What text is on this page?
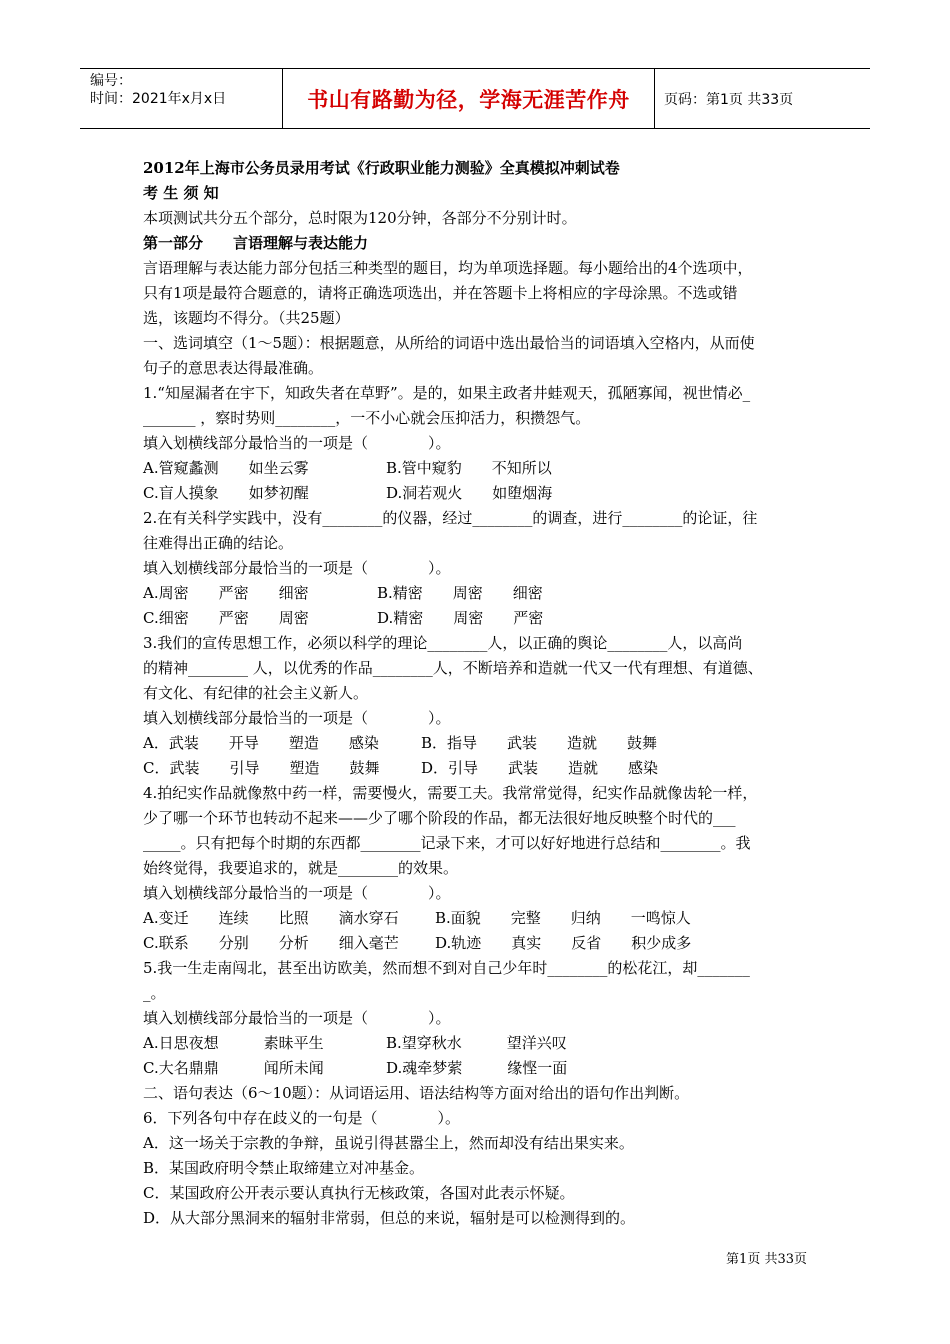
编号：
时间：2021年x月x日	书山有路勤为径，学海无涯苦作舟 页码：第1页 共33页
2012年上海市公务员录用考试《行政职业能力测验》全真模拟冲刺试卷
考 生 须 知
本项测试共分五个部分，总时限为120分钟，各部分不分别计时。
第一部分　　言语理解与表达能力
言语理解与表达能力部分包括三种类型的题目，均为单项选择题。每小题给出的4个选项中，
只有1项是最符合题意的，请将正确选项选出，并在答题卡上将相应的字母涂黑。不选或错
选，该题均不得分。（共25题）
一、选词填空（1～5题）：根据题意，从所给的词语中选出最恰当的词语填入空格内，从而使
句子的意思表达得最准确。
1.“知屋漏者在宇下，知政失者在草野”。是的，如果主政者井蛙观天，孤陋寡闻，视世情必_
_______ ，察时势则________，一不小心就会压抑活力，积攒怨气。
填入划横线部分最恰当的一项是（　　　　）。
A.管窥蠡测　　如坐云雾	B.管中窥豹　　不知所以
C.盲人摸象　　如梦初醒	D.洞若观火　　如堕烟海
2.在有关科学实践中，没有________的仪器，经过________的调查，进行________的论证，往
往难得出正确的结论。
填入划横线部分最恰当的一项是（　　　　）。
A.周密　　严密　　细密	B.精密　　周密　　细密
C.细密　　严密　　周密	D.精密　　周密　　严密
3.我们的宣传思想工作，必须以科学的理论________人，以正确的舆论________人，以高尚
的精神________ 人，以优秀的作品________人，不断培养和造就一代又一代有理想、有道德、
有文化、有纪律的社会主义新人。
填入划横线部分最恰当的一项是（　　　　）。
A．武装　　开导　　塑造　　感染	B．指导　　武装　　造就　　鼓舞
C．武装　　引导　　塑造　　鼓舞	D．引导　　武装　　造就　　感染
4.拍纪实作品就像熬中药一样，需要慢火，需要工夫。我常常觉得，纪实作品就像齿轮一样，
少了哪一个环节也转动不起来——少了哪个阶段的作品，都无法很好地反映整个时代的___
_____。只有把每个时期的东西都________记录下来，才可以好好地进行总结和________。我
始终觉得，我要追求的，就是________的效果。
填入划横线部分最恰当的一项是（　　　　）。
A.变迁　　连续　　比照　　滴水穿石	B.面貌　　完整　　归纳　　一鸣惊人
C.联系　　分别　　分析　　细入毫芒	D.轨迹　　真实　　反省　　积少成多
5.我一生走南闯北，甚至出访欧美，然而想不到对自己少年时________的松花江，却_______
_。
填入划横线部分最恰当的一项是（　　　　）。
A.日思夜想　　　素昧平生	B.望穿秋水　　　望洋兴叹
C.大名鼎鼎　　　闻所未闻	D.魂牵梦萦　　　缘悭一面
二、语句表达（6～10题）：从词语运用、语法结构等方面对给出的语句作出判断。
6．下列各句中存在歧义的一句是（　　　　）。
A．这一场关于宗教的争辩，虽说引得甚嚣尘上，然而却没有结出果实来。
B．某国政府明令禁止取缔建立对冲基金。
C．某国政府公开表示要认真执行无核政策，各国对此表示怀疑。
D．从大部分黑洞来的辐射非常弱，但总的来说，辐射是可以检测得到的。
第1页 共33页
